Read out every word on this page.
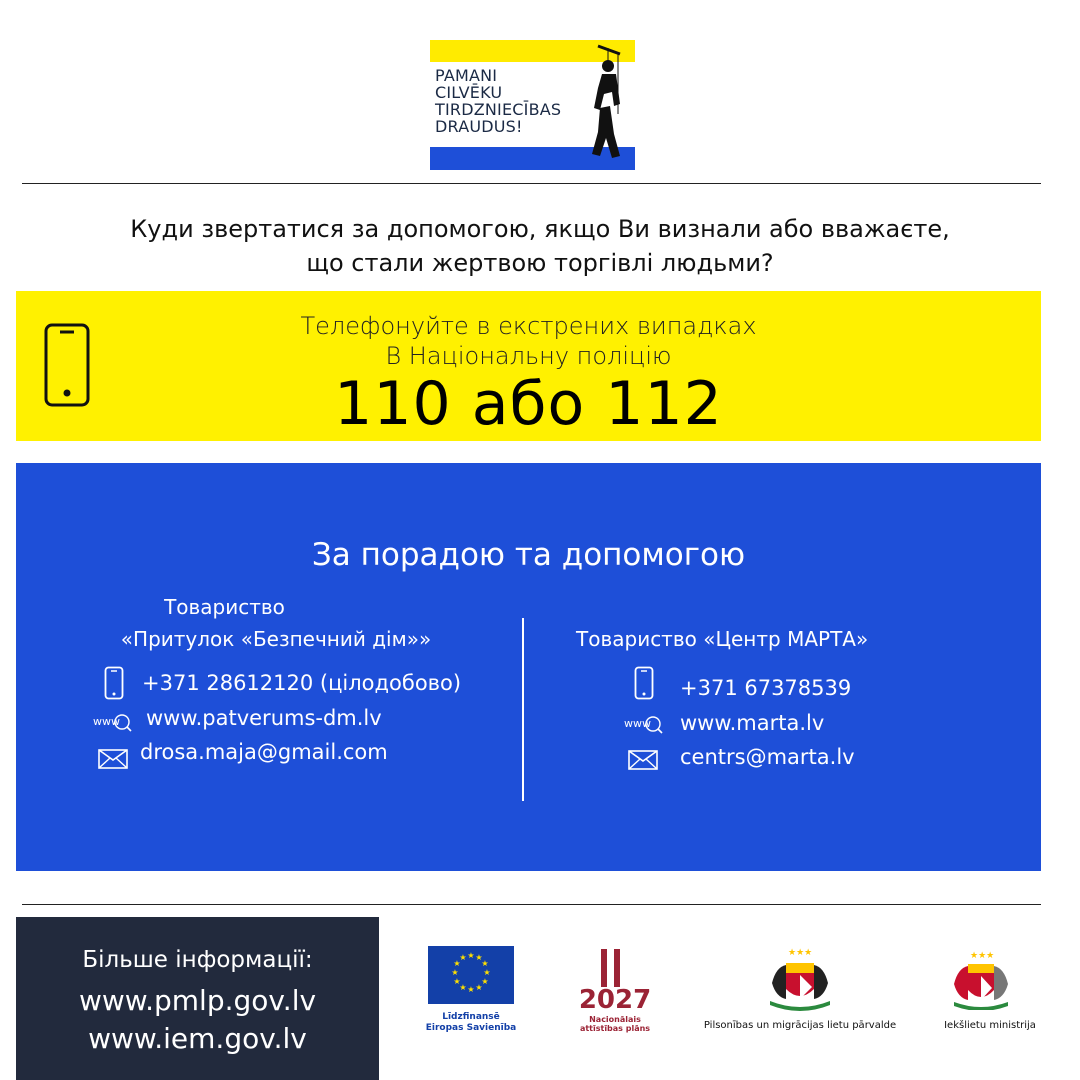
PAMANI
CILVĒKU
TIRDZNIECĪBAS
DRAUDUS!
Куди звертатися за допомогою, якщо Ви визнали або вважаєте,
що стали жертвою торгівлі людьми?
Телефонуйте в екстрених випадках
В Національну поліцію
110 або 112
За порадою та допомогою
Товариство
«Притулок «Безпечний дім»»
+371 28612120 (цілодобово)
www www.patverums-dm.lv
drosa.maja@gmail.com
Товариство «Центр МАРТА»
+371 67378539
www www.marta.lv
centrs@marta.lv
Більше інформації:
www.pmlp.gov.lv
www.iem.gov.lv
★ ★
★
★
★
★
★
★
★
★
★
★
Līdzfinansē
Eiropas Savienība
2027
Nacionālais
attīstības plāns
★★★
Pilsonības un migrācijas lietu pārvalde
★★★
Iekšlietu ministrija
